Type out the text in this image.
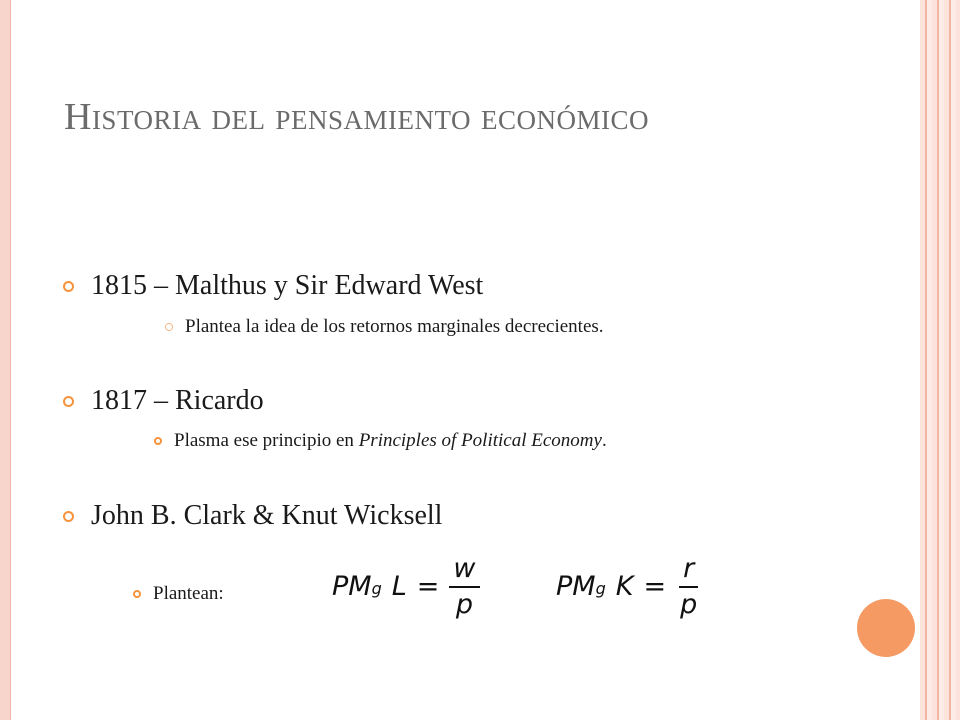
Historia del pensamiento económico
1815 – Malthus y Sir Edward West
Plantea la idea de los retornos marginales decrecientes.
1817 – Ricardo
Plasma ese principio en Principles of Political Economy.
John B. Clark & Knut Wicksell
Plantean:	$PM_g$ $L = \frac{w}{p}$	$PM_g$ $K = \frac{r}{p}$
